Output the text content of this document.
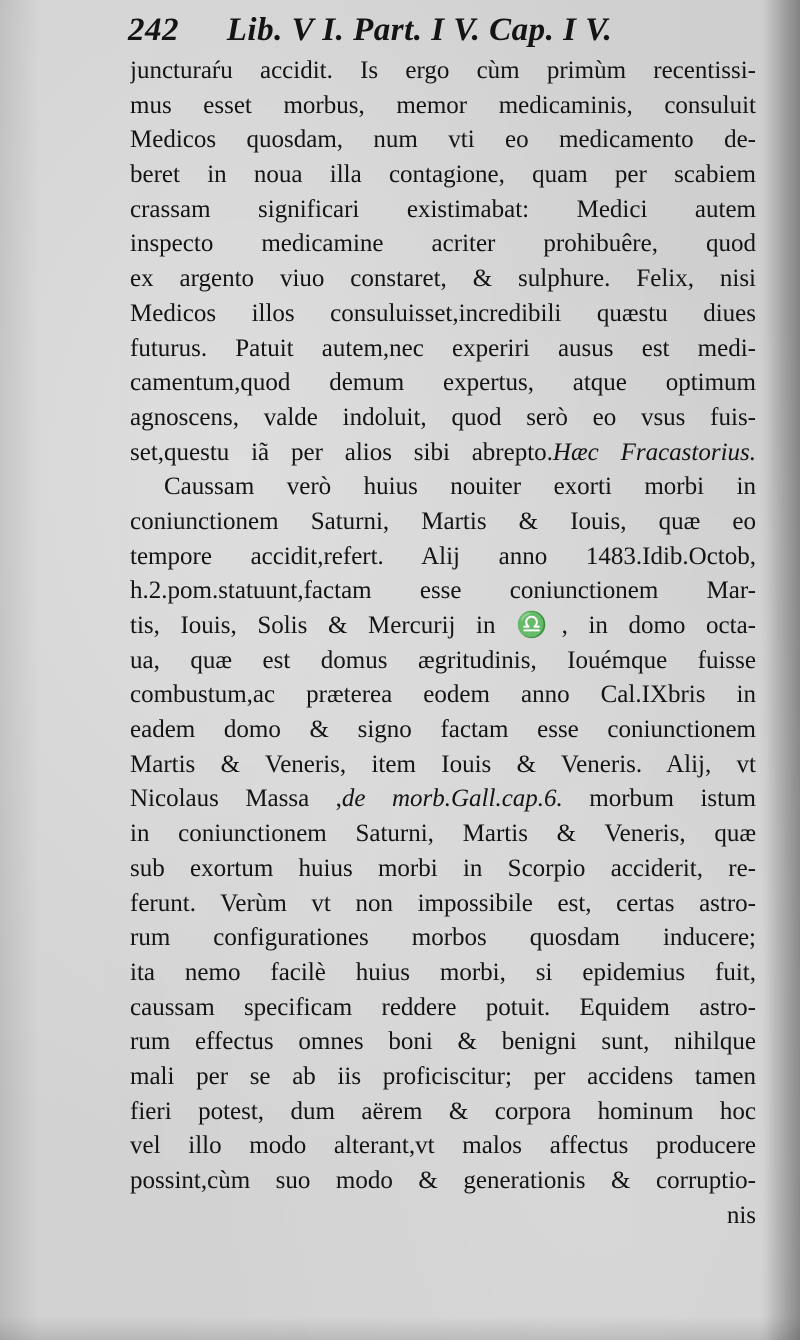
242 Lib. V I. Part. I V. Cap. I V.
juncturaŕu accidit. Is ergo cùm primùm recentissi-
mus esset morbus, memor medicaminis, consuluit
Medicos quosdam, num vti eo medicamento de-
beret in noua illa contagione, quam per scabiem
crassam significari existimabat: Medici autem
inspecto medicamine acriter prohibuêre, quod
ex argento viuo constaret, & sulphure. Felix, nisi
Medicos illos consuluisset,incredibili quæstu diues
futurus. Patuit autem,nec experiri ausus est medi-
camentum,quod demum expertus, atque optimum
agnoscens, valde indoluit, quod serò eo vsus fuis-
set,questu iã per alios sibi abrepto.Hæc Fracastorius.
Caussam verò huius nouiter exorti morbi in
coniunctionem Saturni, Martis & Iouis, quæ eo
tempore accidit,refert. Alij anno 1483.Idib.Octob,
h.2.pom.statuunt,factam esse coniunctionem Mar-
tis, Iouis, Solis & Mercurij in ♎, in domo octa-
ua, quæ est domus ægritudinis, Iouémque fuisse
combustum,ac præterea eodem anno Cal.IXbris in
eadem domo & signo factam esse coniunctionem
Martis & Veneris, item Iouis & Veneris. Alij, vt
Nicolaus Massa ,de morb.Gall.cap.6. morbum istum
in coniunctionem Saturni, Martis & Veneris, quæ
sub exortum huius morbi in Scorpio acciderit, re-
ferunt. Verùm vt non impossibile est, certas astro-
rum configurationes morbos quosdam inducere;
ita nemo facilè huius morbi, si epidemius fuit,
caussam specificam reddere potuit. Equidem astro-
rum effectus omnes boni & benigni sunt, nihilque
mali per se ab iis proficiscitur; per accidens tamen
fieri potest, dum aërem & corpora hominum hoc
vel illo modo alterant,vt malos affectus producere
possint,cùm suo modo & generationis & corruptio-
nis
